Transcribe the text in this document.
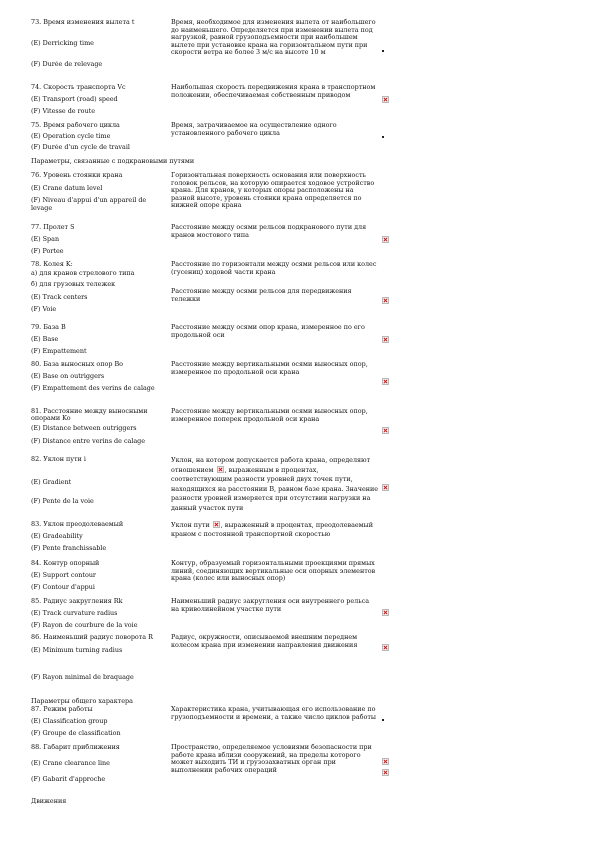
73. Время изменения вылета t
(E) Derricking time
(F) Durée de relevage
Время, необходимое для изменения вылета от наибольшего до наименьшего. Определяется при изменении вылета под нагрузкой, равной грузоподъемности при наибольшем вылете при установке крана на горизонтальном пути при скорости ветра не более 3 м/с на высоте 10 м
74. Скорость транспорта Vc
(E) Transport (road) speed
(F) Vitesse de route
Наибольшая скорость передвижения крана в транспортном положении, обеспечиваемая собственным приводом
75. Время рабочего цикла
(E) Operation cycle time
(F) Durée d'un cycle de travail
Время, затрачиваемое на осуществление одного установленного рабочего цикла
Параметры, связанные с подкрановыми путями
76. Уровень стоянки крана
(E) Crane datum level
(F) Niveau d'appui d'un appareil de levage
Горизонтальная поверхность основания или поверхность головок рельсов, на которую опирается ходовое устройство крана. Для кранов, у которых опоры расположены на разной высоте, уровень стоянки крана определяется по нижней опоре крана
77. Пролет S
(E) Span
(F) Portee
Расстояние между осями рельсов подкранового пути для кранов мостового типа
78. Колея K:
а) для кранов стрелового типа
б) для грузовых тележек
(E) Track centers
(F) Voie
Расстояние по горизонтали между осями рельсов или колес (гусениц) ходовой части крана
Расстояние между осями рельсов для передвижения тележки
79. База B
(E) Base
(F) Empattement
Расстояние между осями опор крана, измеренное по его продольной оси
80. База выносных опор Bo
(E) Base on outriggers
(F) Empattement des verins de calage
Расстояние между вертикальными осями выносных опор, измеренное по продольной оси крана
81. Расстояние между выносными опорами Ko
(E) Distance between outriggers
(F) Distance entre verins de calage
Расстояние между вертикальными осями выносных опор, измеренное поперек продольной оси крана
82. Уклон пути i
(E) Gradient
(F) Pente de la voie
Уклон, на котором допускается работа крана, определяют отношением , выраженным в процентах, соответствующим разности уровней двух точек пути, находящихся на расстоянии B, равном базе крана. Значение разности уровней измеряется при отсутствии нагрузки на данный участок пути
83. Уклон преодолеваемый
(E) Gradeability
(F) Pente franchissable
Уклон пути , выраженный в процентах, преодолеваемый краном с постоянной транспортной скоростью
84. Контур опорный
(E) Support contour
(F) Contour d'appui
Контур, образуемый горизонтальными проекциями прямых линий, соединяющих вертикальные оси опорных элементов крана (колес или выносных опор)
85. Радиус закругления Rk
(E) Track curvature radius
(F) Rayon de courbure de la voie
Наименьший радиус закругления оси внутреннего рельса на криволинейном участке пути
86. Наименьший радиус поворота R
(E) Minimum turning radius
(F) Rayon minimal de braquage
Радиус, окружности, описываемой внешним переднем колесом крана при изменении направления движения
Параметры общего характера
87. Режим работы
(E) Classification group
(F) Groupe de classification
Характеристика крана, учитывающая его использование по грузоподъемности и времени, а также число циклов работы
88. Габарит приближения
(E) Crane clearance line
(F) Gabarit d'approche
Пространство, определяемое условиями безопасности при работе крана вблизи сооружений, на пределы которого может выходить ТИ и грузозахватных орган при выполнении рабочих операций
Движения
